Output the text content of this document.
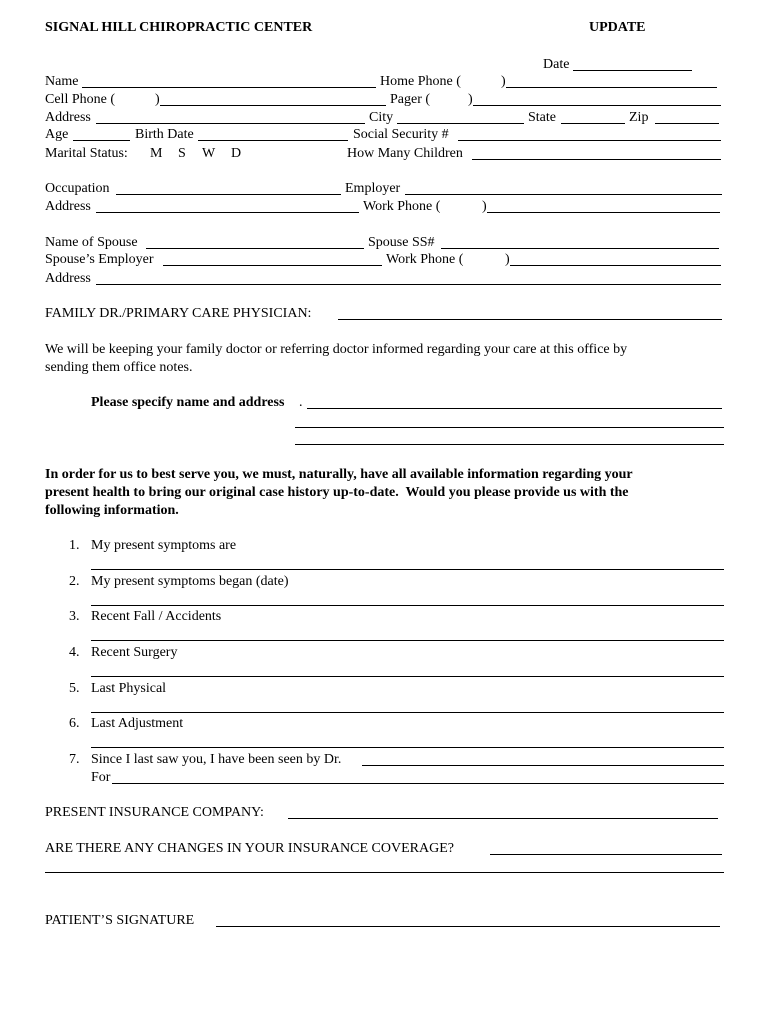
SIGNAL HILL CHIROPRACTIC CENTER	UPDATE
Date
Name	Home Phone (	)
Cell Phone (	)	Pager (	)
Address	City	State	Zip
Age	Birth Date	Social Security #
Marital Status: M S W D	How Many Children
Occupation	Employer
Address	Work Phone (	)
Name of Spouse	Spouse SS#
Spouse’s Employer	Work Phone (	)
Address
FAMILY DR./PRIMARY CARE PHYSICIAN:
We will be keeping your family doctor or referring doctor informed regarding your care at this office by
sending them office notes.
Please specify name and address .
In order for us to best serve you, we must, naturally, have all available information regarding your
present health to bring our original case history up-to-date.  Would you please provide us with the
following information.
1. My present symptoms are
2. My present symptoms began (date)
3. Recent Fall / Accidents
4. Recent Surgery
5. Last Physical
6. Last Adjustment
7. Since I last saw you, I have been seen by Dr.
For
PRESENT INSURANCE COMPANY:
ARE THERE ANY CHANGES IN YOUR INSURANCE COVERAGE?
PATIENT’S SIGNATURE
